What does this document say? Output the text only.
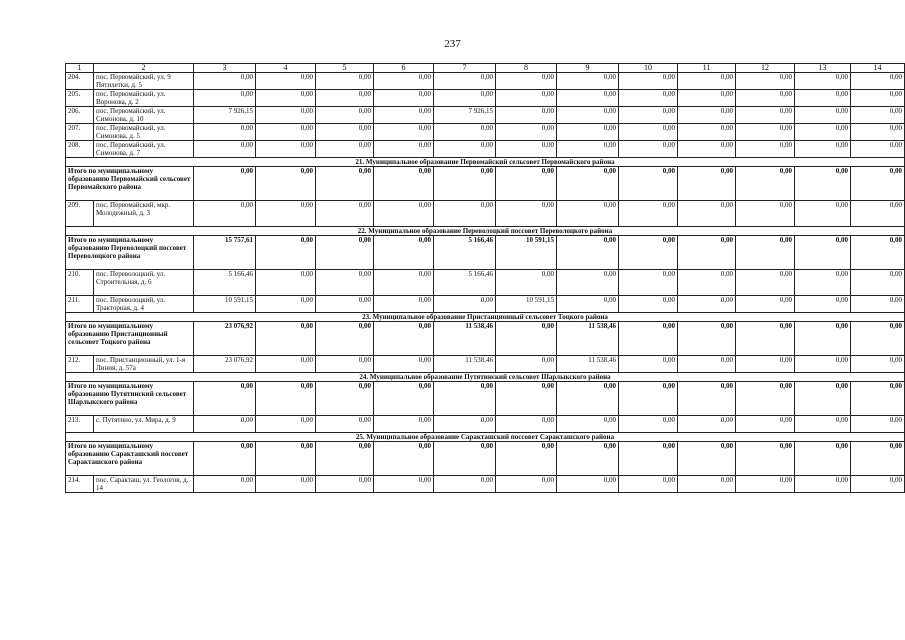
237
1	2	3	4	5	6	7	8	9	10	11	12	13	14
204.	пос. Первомайский, ул. 9 Пятилетки, д. 5	0,00	0,00	0,00	0,00	0,00	0,00	0,00	0,00	0,00	0,00	0,00	0,00
205.	пос. Первомайский, ул. Воронова, д. 2	0,00	0,00	0,00	0,00	0,00	0,00	0,00	0,00	0,00	0,00	0,00	0,00
206.	пос. Первомайский, ул. Симонова, д. 10	7 926,15	0,00	0,00	0,00	7 926,15	0,00	0,00	0,00	0,00	0,00	0,00	0,00
207.	пос. Первомайский, ул. Симонова, д. 5	0,00	0,00	0,00	0,00	0,00	0,00	0,00	0,00	0,00	0,00	0,00	0,00
208.	пос. Первомайский, ул. Симонова, д. 7	0,00	0,00	0,00	0,00	0,00	0,00	0,00	0,00	0,00	0,00	0,00	0,00
21. Муниципальное образование Первомайский сельсовет Первомайского района													
Итого по муниципальному образованию Первомайский сельсовет Первомайского района		0,00	0,00	0,00	0,00	0,00	0,00	0,00	0,00	0,00	0,00	0,00	0,00
209.	пос. Первомайский, мкр. Молодежный, д. 3	0,00	0,00	0,00	0,00	0,00	0,00	0,00	0,00	0,00	0,00	0,00	0,00
22. Муниципальное образование Переволоцкий поссовет Переволоцкого района													
Итого по муниципальному образованию Переволоцкий поссовет Переволоцкого района		15 757,61	0,00	0,00	0,00	5 166,46	10 591,15	0,00	0,00	0,00	0,00	0,00	0,00
210.	пос. Переволоцкий, ул. Строительная, д. 6	5 166,46	0,00	0,00	0,00	5 166,46	0,00	0,00	0,00	0,00	0,00	0,00	0,00
211.	пос. Переволоцкий, ул. Тракторная, д. 4	10 591,15	0,00	0,00	0,00	0,00	10 591,15	0,00	0,00	0,00	0,00	0,00	0,00
23. Муниципальное образование Пристанционный сельсовет Тоцкого района													
Итого по муниципальному образованию Пристанционный сельсовет Тоцкого района		23 076,92	0,00	0,00	0,00	11 538,46	0,00	11 538,46	0,00	0,00	0,00	0,00	0,00
212.	пос. Пристанционный, ул. 1-я Линия, д. 57а	23 076,92	0,00	0,00	0,00	11 538,46	0,00	11 538,46	0,00	0,00	0,00	0,00	0,00
24. Муниципальное образование Путятинский сельсовет Шарлыкского района													
Итого по муниципальному образованию Путятинский сельсовет Шарлыкского района		0,00	0,00	0,00	0,00	0,00	0,00	0,00	0,00	0,00	0,00	0,00	0,00
213.	с. Путятино, ул. Мира, д. 9	0,00	0,00	0,00	0,00	0,00	0,00	0,00	0,00	0,00	0,00	0,00	0,00
25. Муниципальное образование Саракташский поссовет Саракташского района													
Итого по муниципальному образованию Саракташский поссовет Саракташского района		0,00	0,00	0,00	0,00	0,00	0,00	0,00	0,00	0,00	0,00	0,00	0,00
214.	пос. Саракташ, ул. Геологов, д. 14	0,00	0,00	0,00	0,00	0,00	0,00	0,00	0,00	0,00	0,00	0,00	0,00
